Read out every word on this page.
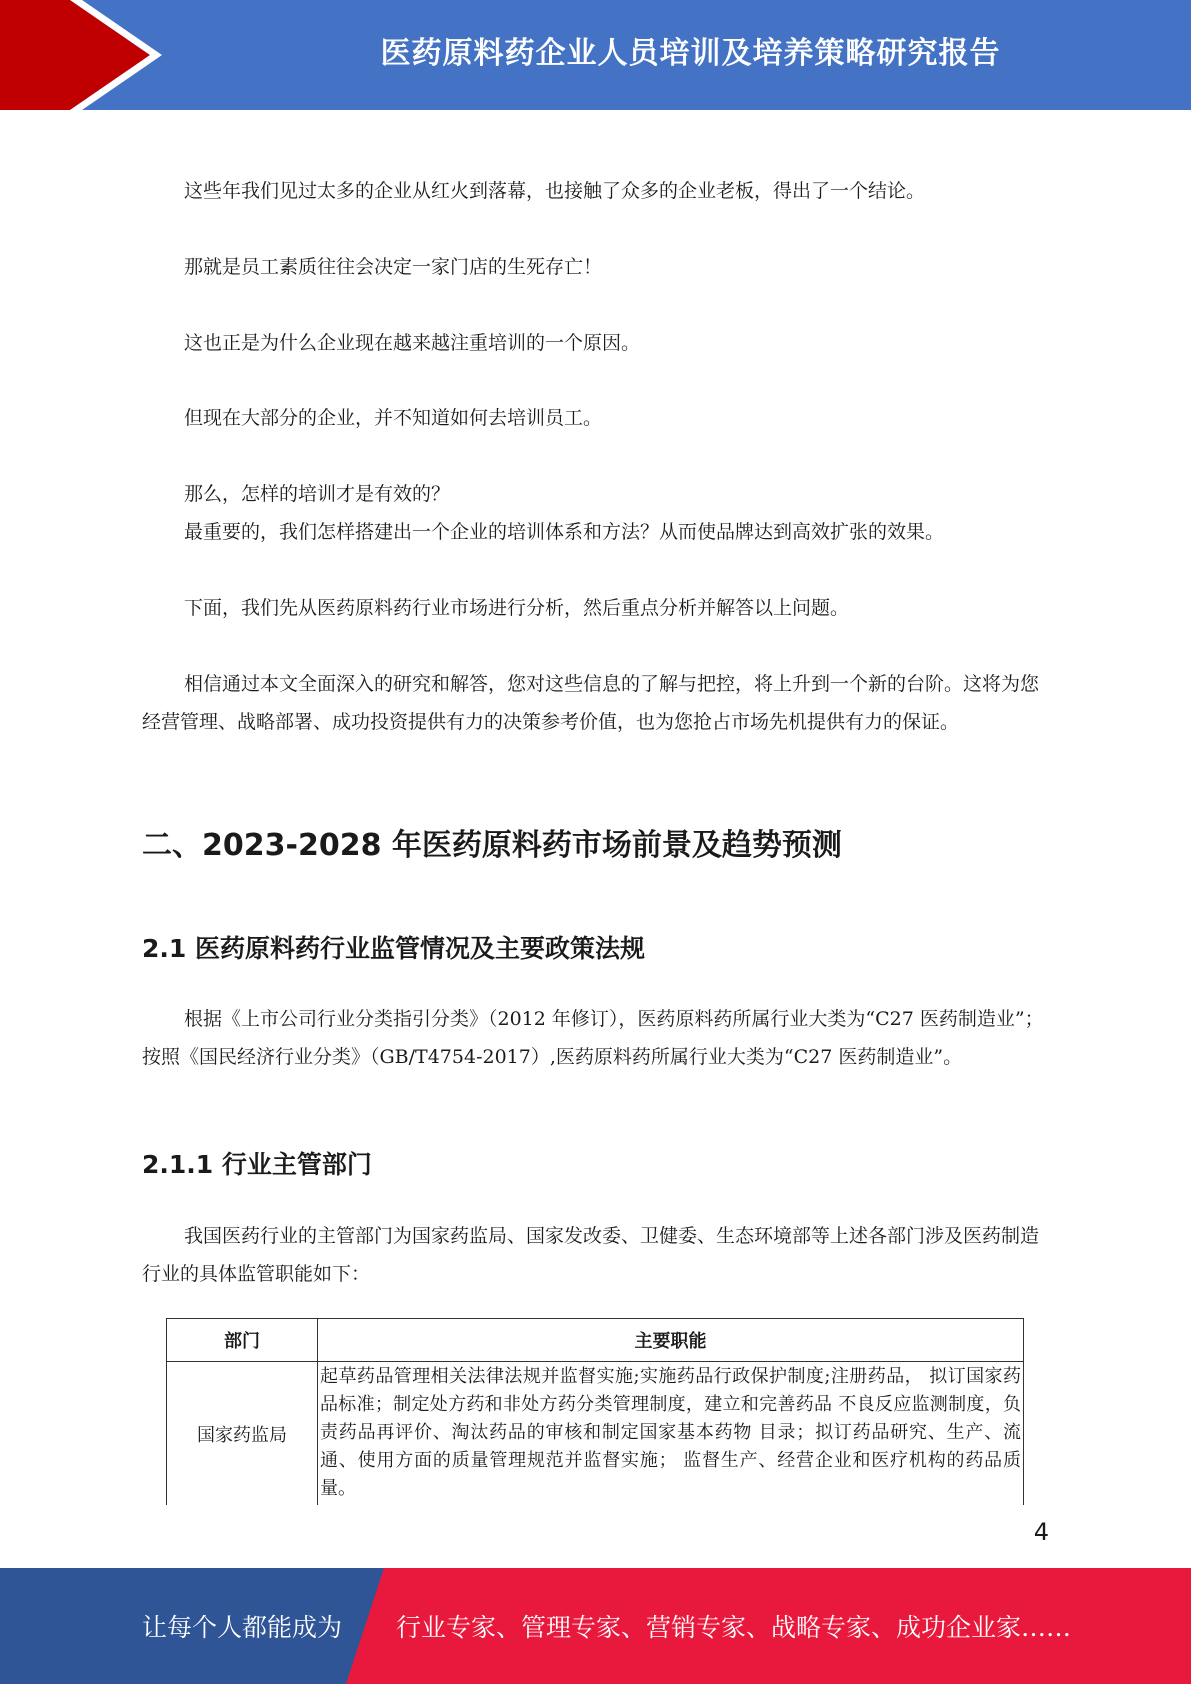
医药原料药企业人员培训及培养策略研究报告

这些年我们见过太多的企业从红火到落幕，也接触了众多的企业老板，得出了一个结论。

那就是员工素质往往会决定一家门店的生死存亡！

这也正是为什么企业现在越来越注重培训的一个原因。

但现在大部分的企业，并不知道如何去培训员工。

那么，怎样的培训才是有效的？

最重要的，我们怎样搭建出一个企业的培训体系和方法？从而使品牌达到高效扩张的效果。

下面，我们先从医药原料药行业市场进行分析，然后重点分析并解答以上问题。

相信通过本文全面深入的研究和解答，您对这些信息的了解与把控，将上升到一个新的台阶。这将为您经营管理、战略部署、成功投资提供有力的决策参考价值，也为您抢占市场先机提供有力的保证。

二、2023-2028 年医药原料药市场前景及趋势预测
2.1 医药原料药行业监管情况及主要政策法规

根据《上市公司行业分类指引分类》（2012 年修订），医药原料药所属行业大类为“C27 医药制造业”；按照《国民经济行业分类》（GB/T4754-2017）,医药原料药所属行业大类为“C27 医药制造业”。

2.1.1 行业主管部门

我国医药行业的主管部门为国家药监局、国家发改委、卫健委、生态环境部等上述各部门涉及医药制造行业的具体监管职能如下：

部门	主要职能
国家药监局	起草药品管理相关法律法规并监督实施;实施药品行政保护制度;注册药品， 拟订国家药品标准；制定处方药和非处方药分类管理制度，建立和完善药品 不良反应监测制度，负责药品再评价、淘汰药品的审核和制定国家基本药物 目录；拟订药品研究、生产、流通、使用方面的质量管理规范并监督实施； 监督生产、经营企业和医疗机构的药品质量。
4
让每个人都能成为 行业专家、管理专家、营销专家、战略专家、成功企业家……
